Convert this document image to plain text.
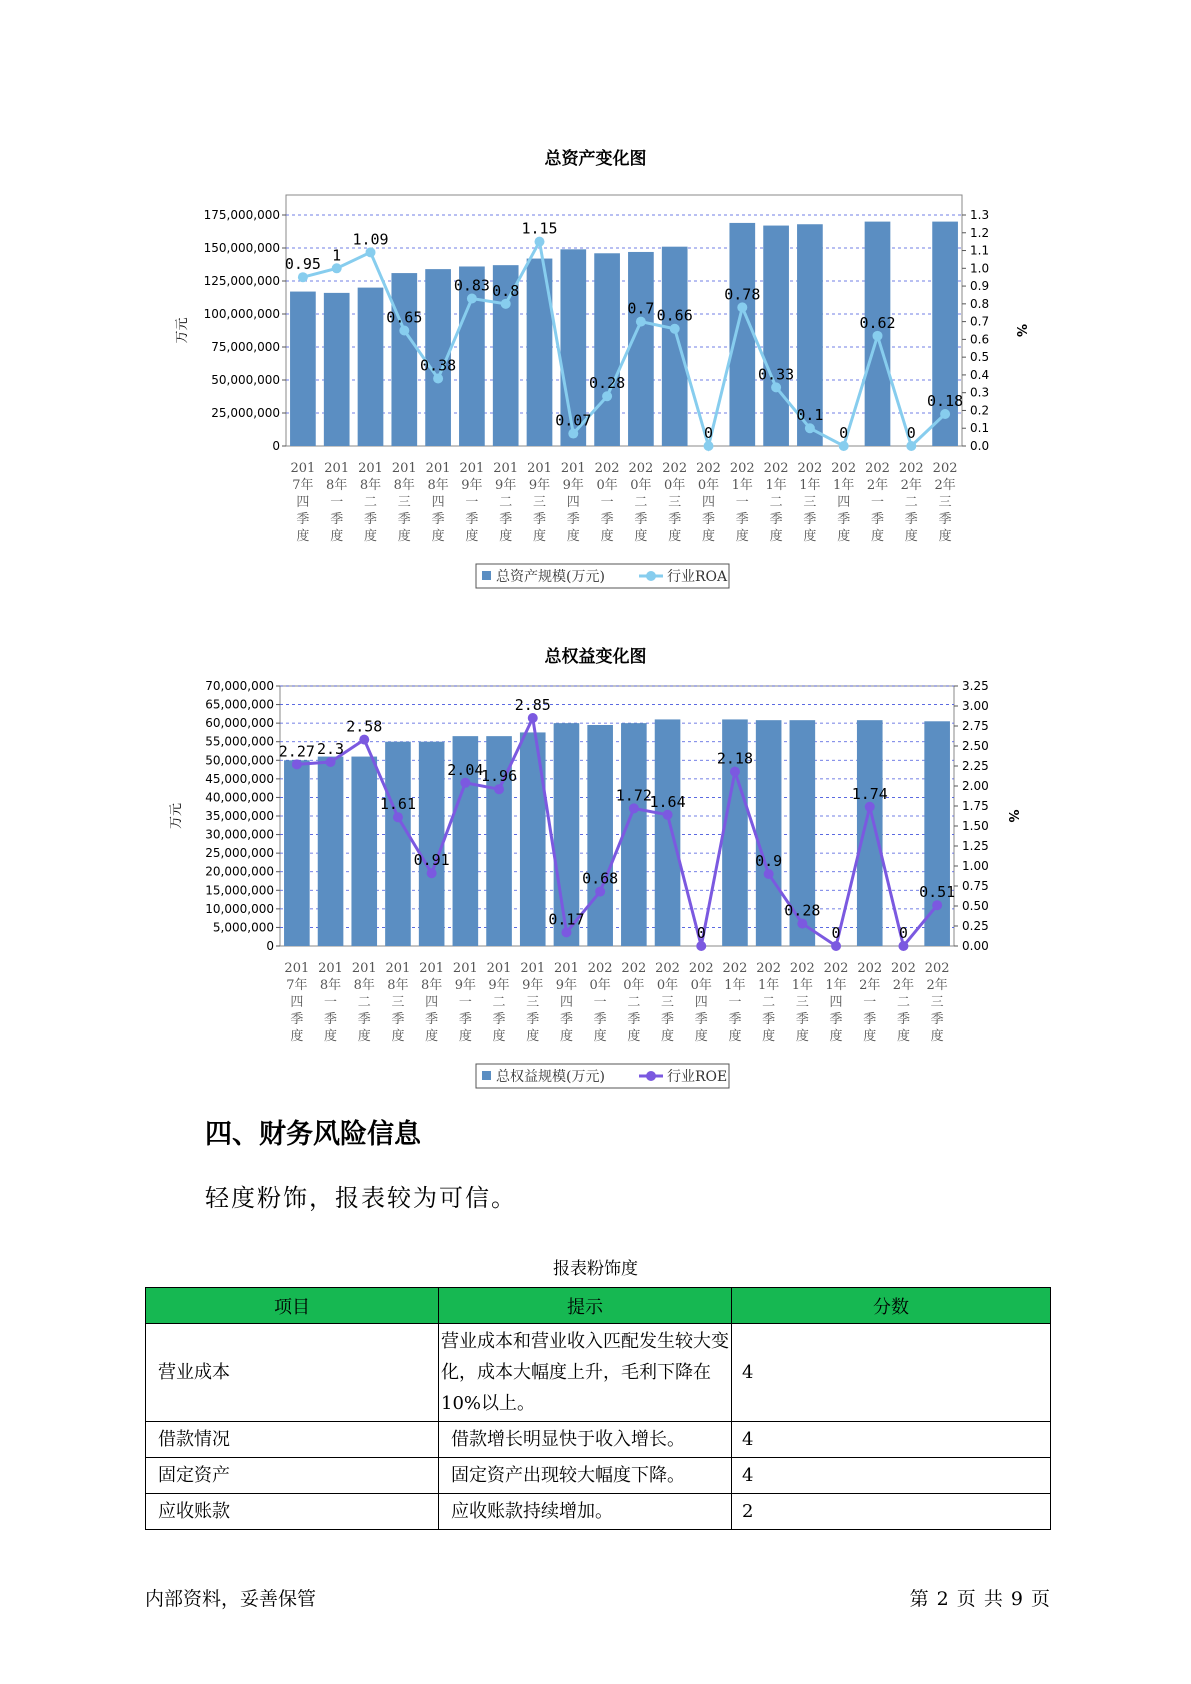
总资产变化图
0
25,000,000
50,000,000
75,000,000
100,000,000
125,000,000
150,000,000
175,000,000
0.0
0.1
0.2
0.3
0.4
0.5
0.6
0.7
0.8
0.9
1.0
1.1
1.2
1.3
万元	%
0.95 1
1.09
0.65
0.38
0.83 0.8
1.15
0.07
0.28
0.7 0.66
0
0.78
0.33
0.1
0
0.62
0
0.18
201
7年
四
季
度
201
8年
一
季
度
201
8年
二
季
度
201
8年
三
季
度
201
8年
四
季
度
201
9年
一
季
度
201
9年
二
季
度
201
9年
三
季
度
201
9年
四
季
度
202
0年
一
季
度
202
0年
二
季
度
202
0年
三
季
度
202
0年
四
季
度
202
1年
一
季
度
202
1年
二
季
度
202
1年
三
季
度
202
1年
四
季
度
202
2年
一
季
度
202
2年
二
季
度
202
2年
三
季
度
总资产规模(万元)	行业ROA
总权益变化图
0
5,000,000
10,000,000
15,000,000
20,000,000
25,000,000
30,000,000
35,000,000
40,000,000
45,000,000
50,000,000
55,000,000
60,000,000
65,000,000
70,000,000
0.00
0.25
0.50
0.75
1.00
1.25
1.50
1.75
2.00
2.25
2.50
2.75
3.00
3.25
万元	%
2.27 2.3
2.58
1.61
0.91
2.04
1.96
2.85
0.17
0.68
1.72
1.64
0
2.18
0.9
0.28
0
1.74
0
0.51
201
7年
四
季
度
201
8年
一
季
度
201
8年
二
季
度
201
8年
三
季
度
201
8年
四
季
度
201
9年
一
季
度
201
9年
二
季
度
201
9年
三
季
度
201
9年
四
季
度
202
0年
一
季
度
202
0年
二
季
度
202
0年
三
季
度
202
0年
四
季
度
202
1年
一
季
度
202
1年
二
季
度
202
1年
三
季
度
202
1年
四
季
度
202
2年
一
季
度
202
2年
二
季
度
202
2年
三
季
度
总权益规模(万元)	行业ROE
四、财务风险信息
轻度粉饰，报表较为可信。
报表粉饰度
项目	提示	分数
营业成本	营业成本和营业收入匹配发生较大变化，成本大幅度上升，毛利下降在10%以上。	4
借款情况	借款增长明显快于收入增长。	4
固定资产	固定资产出现较大幅度下降。	4
应收账款	应收账款持续增加。	2
内部资料，妥善保管	第 2 页 共 9 页
